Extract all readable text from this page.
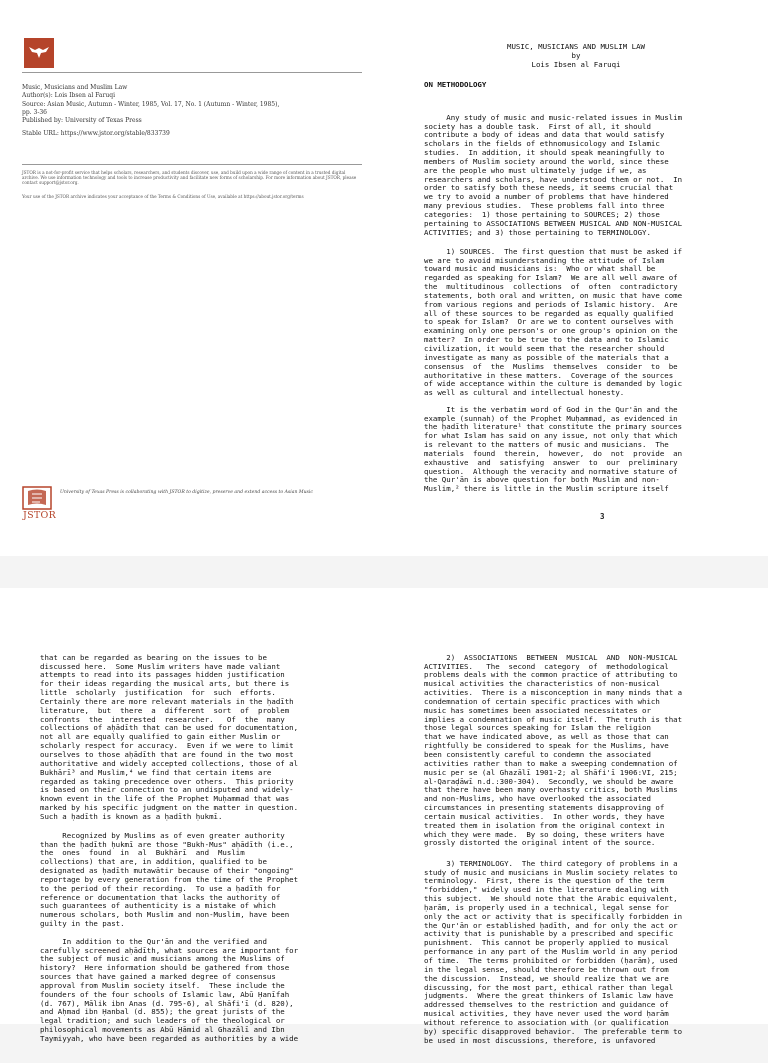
Music, Musicians and Muslim Law
Author(s): Lois Ibsen al Faruqi
Source: Asian Music, Autumn - Winter, 1985, Vol. 17, No. 1 (Autumn - Winter, 1985),
pp. 3-36
Published by: University of Texas Press
Stable URL: https://www.jstor.org/stable/833739
JSTOR is a not-for-profit service that helps scholars, researchers, and students discover, use, and build upon a wide range of content in a trusted digital archive. We use information technology and tools to increase productivity and facilitate new forms of scholarship. For more information about JSTOR, please contact support@jstor.org.
Your use of the JSTOR archive indicates your acceptance of the Terms & Conditions of Use, available at https://about.jstor.org/terms
JSTOR
University of Texas Press is collaborating with JSTOR to digitize, preserve and extend access to Asian Music
MUSIC, MUSICIANS AND MUSLIM LAW
by
Lois Ibsen al Faruqi
ON METHODOLOGY

Any study of music and music-related issues in Muslim
society has a double task.  First of all, it should
contribute a body of ideas and data that would satisfy
scholars in the fields of ethnomusicology and Islamic
studies.  In addition, it should speak meaningfully to
members of Muslim society around the world, since these
are the people who must ultimately judge if we, as
researchers and scholars, have understood them or not.  In
order to satisfy both these needs, it seems crucial that
we try to avoid a number of problems that have hindered
many previous studies.  These problems fall into three
categories:  1) those pertaining to SOURCES; 2) those
pertaining to ASSOCIATIONS BETWEEN MUSICAL AND NON-MUSICAL
ACTIVITIES; and 3) those pertaining to TERMINOLOGY.

1) SOURCES.  The first question that must be asked if
we are to avoid misunderstanding the attitude of Islam
toward music and musicians is:  Who or what shall be
regarded as speaking for Islam?  We are all well aware of
the  multitudinous  collections  of  often  contradictory
statements, both oral and written, on music that have come
from various regions and periods of Islamic history.  Are
all of these sources to be regarded as equally qualified
to speak for Islam?  Or are we to content ourselves with
examining only one person's or one group's opinion on the
matter?  In order to be true to the data and to Islamic
civilization, it would seem that the researcher should
investigate as many as possible of the materials that a
consensus  of  the  Muslims  themselves  consider  to  be
authoritative in these matters.  Coverage of the sources
of wide acceptance within the culture is demanded by logic
as well as cultural and intellectual honesty.

It is the verbatim word of God in the Qur'ān and the
example (sunnah) of the Prophet Muḥammad, as evidenced in
the ḥadīth literature¹ that constitute the primary sources
for what Islam has said on any issue, not only that which
is relevant to the matters of music and musicians.  The
materials  found  therein,  however,  do  not  provide  an
exhaustive  and  satisfying  answer  to  our  preliminary
question.  Although the veracity and normative stature of
the Qur'ān is above question for both Muslim and non-
Muslim,² there is little in the Muslim scripture itself

3

that can be regarded as bearing on the issues to be
discussed here.  Some Muslim writers have made valiant
attempts to read into its passages hidden justification
for their ideas regarding the musical arts, but there is
little  scholarly  justification  for  such  efforts.
Certainly there are more relevant materials in the ḥadīth
literature,  but  there  a  different  sort  of  problem
confronts  the  interested  researcher.   Of  the  many
collections of aḥādīth that can be used for documentation,
not all are equally qualified to gain either Muslim or
scholarly respect for accuracy.  Even if we were to limit
ourselves to those aḥādīth that are found in the two most
authoritative and widely accepted collections, those of al
Bukhārī³ and Muslim,⁴ we find that certain items are
regarded as taking precedence over others.  This priority
is based on their connection to an undisputed and widely-
known event in the life of the Prophet Muḥammad that was
marked by his specific judgment on the matter in question.
Such a ḥadīth is known as a ḥadīth ḥukmī.

Recognized by Muslims as of even greater authority
than the ḥadīth ḥukmī are those "Bukh-Mus" aḥādīth (i.e.,
the  ones  found  in  al  Bukhārī  and  Muslim
collections) that are, in addition, qualified to be
designated as ḥadīth mutawātir because of their "ongoing"
reportage by every generation from the time of the Prophet
to the period of their recording.  To use a ḥadīth for
reference or documentation that lacks the authority of
such guarantees of authenticity is a mistake of which
numerous scholars, both Muslim and non-Muslim, have been
guilty in the past.

In addition to the Qur'ān and the verified and
carefully screened aḥādīth, what sources are important for
the subject of music and musicians among the Muslims of
history?  Here information should be gathered from those
sources that have gained a marked degree of consensus
approval from Muslim society itself.  These include the
founders of the four schools of Islamic law, Abū Ḥanīfah
(d. 767), Mālik ibn Anas (d. 795-6), al Shāfi'ī (d. 820),
and Aḥmad ibn Ḥanbal (d. 855); the great jurists of the
legal tradition; and such leaders of the theological or
philosophical movements as Abū Ḥāmid al Ghazālī and Ibn
Taymiyyah, who have been regarded as authorities by a wide

2)  ASSOCIATIONS  BETWEEN  MUSICAL  AND  NON-MUSICAL
ACTIVITIES.   The  second  category  of  methodological
problems deals with the common practice of attributing to
musical activities the characteristics of non-musical
activities.  There is a misconception in many minds that a
condemnation of certain specific practices with which
music has sometimes been associated necessitates or
implies a condemnation of music itself.  The truth is that
those legal sources speaking for Islam the religion
that we have indicated above, as well as those that can
rightfully be considered to speak for the Muslims, have
been consistently careful to condemn the associated
activities rather than to make a sweeping condemnation of
music per se (al Ghazālī 1901-2; al Shāfi'ī 1906:VI, 215;
al-Qaraḍāwī n.d.:300-304).  Secondly, we should be aware
that there have been many overhasty critics, both Muslims
and non-Muslims, who have overlooked the associated
circumstances in presenting statements disapproving of
certain musical activities.  In other words, they have
treated them in isolation from the original context in
which they were made.  By so doing, these writers have
grossly distorted the original intent of the source.

3) TERMINOLOGY.  The third category of problems in a
study of music and musicians in Muslim society relates to
terminology.  First, there is the question of the term
"forbidden," widely used in the literature dealing with
this subject.  We should note that the Arabic equivalent,
ḥarām, is properly used in a technical, legal sense for
only the act or activity that is specifically forbidden in
the Qur'ān or established ḥadīth, and for only the act or
activity that is punishable by a prescribed and specific
punishment.  This cannot be properly applied to musical
performance in any part of the Muslim world in any period
of time.  The terms prohibited or forbidden (ḥarām), used
in the legal sense, should therefore be thrown out from
the discussion.  Instead, we should realize that we are
discussing, for the most part, ethical rather than legal
judgments.  Where the great thinkers of Islamic law have
addressed themselves to the restriction and guidance of
musical activities, they have never used the word ḥarām
without reference to association with (or qualification
by) specific disapproved behavior.  The preferable term to
be used in most discussions, therefore, is unfavored
